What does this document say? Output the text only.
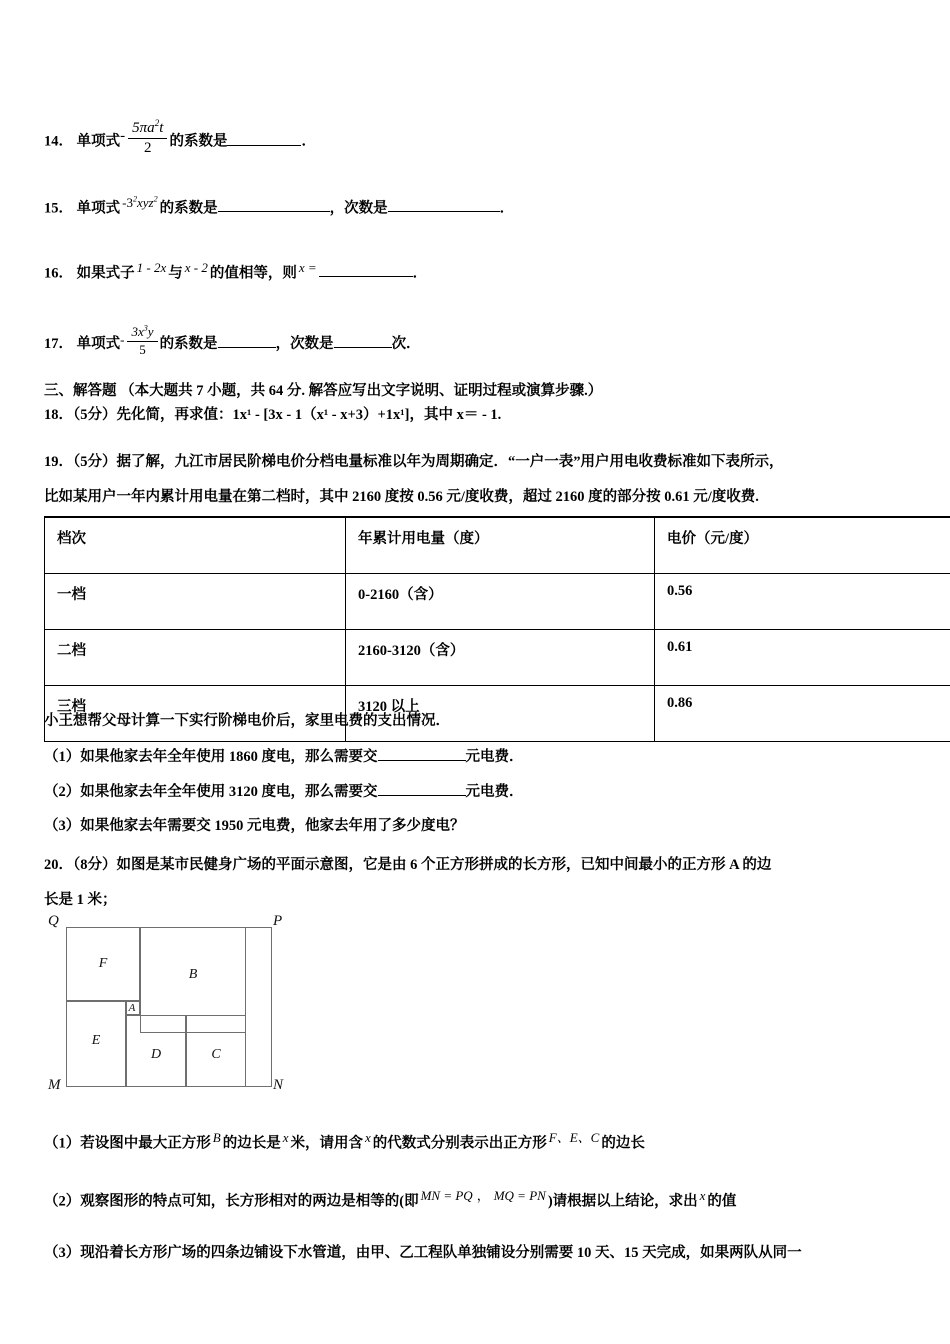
14． 单项式- $\frac{5\pi a^2t}{2}$ 的系数是	．
15． 单项式 $-3^2xyz^2$的系数是	，次数是	．
16． 如果式子 1 - 2x 与 x - 2 的值相等，则 x =	．
17． 单项式- $\frac{3x^3y}{5}$ 的系数是	，次数是	次．
三、解答题 （本大题共 7 小题，共 64 分. 解答应写出文字说明、证明过程或演算步骤.）
18．（5分）先化简，再求值：1x¹ - [3x - 1（x¹ - x+3）+1x¹]，其中 x＝ - 1.
19．（5分）据了解，九江市居民阶梯电价分档电量标准以年为周期确定．“一户一表”用户用电收费标准如下表所示，
比如某用户一年内累计用电量在第二档时，其中 2160 度按 0.56 元/度收费，超过 2160 度的部分按 0.61 元/度收费.
档次	年累计用电量（度）	电价（元/度）
一档	0-2160（含）	0.56
二档	2160-3120（含）	0.61
三档	3120 以上	0.86
小王想帮父母计算一下实行阶梯电价后，家里电费的支出情况．
（1）如果他家去年全年使用 1860 度电，那么需要交	元电费．
（2）如果他家去年全年使用 3120 度电，那么需要交	元电费．
（3）如果他家去年需要交 1950 元电费，他家去年用了多少度电？
20．（8分）如图是某市民健身广场的平面示意图，它是由 6 个正方形拼成的长方形，已知中间最小的正方形 A 的边
长是 1 米；
Q	P
M	N
F
B
A
E
D	C
（1）若设图中最大正方形 B 的边长是 x 米，请用含 x 的代数式分别表示出正方形 F、E、C 的边长
（2）观察图形的特点可知，长方形相对的两边是相等的(即 MN = PQ ， MQ = PN )请根据以上结论，求出 x 的值
（3）现沿着长方形广场的四条边铺设下水管道，由甲、乙工程队单独铺设分别需要 10 天、15 天完成，如果两队从同一
